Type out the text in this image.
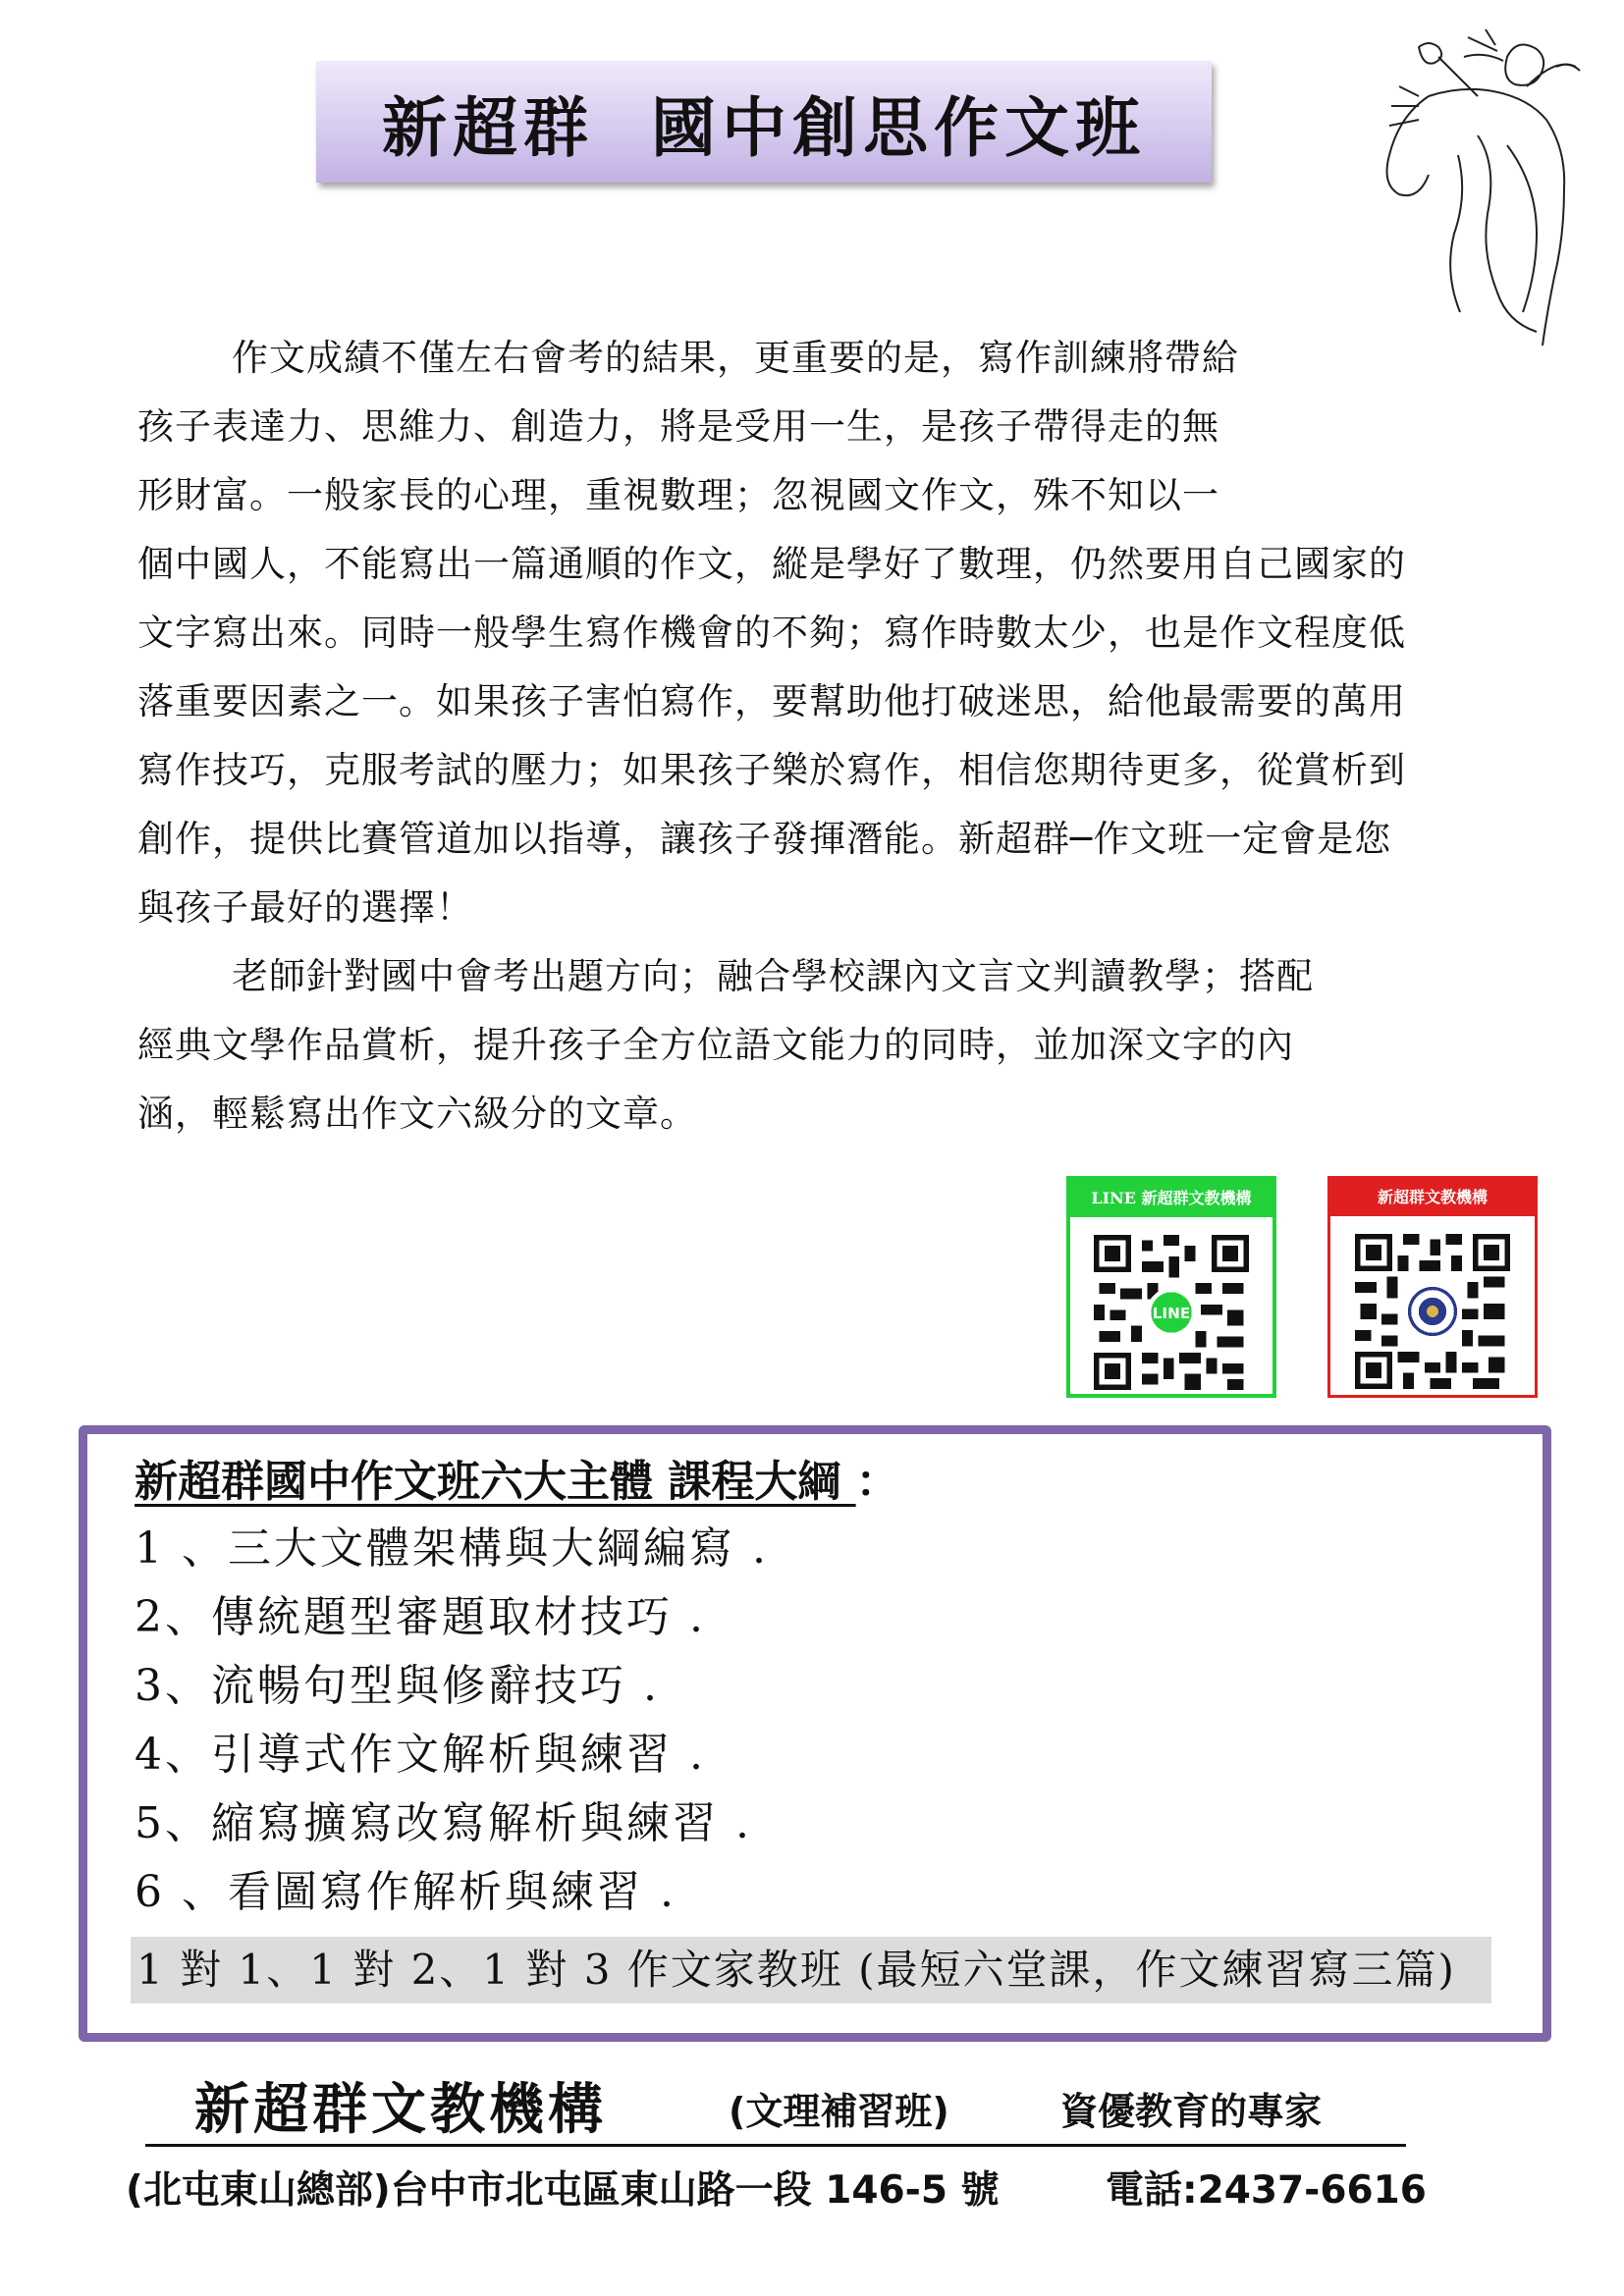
新超群  國中創思作文班
作文成績不僅左右會考的結果，更重要的是，寫作訓練將帶給
孩子表達力、思維力、創造力，將是受用一生，是孩子帶得走的無
形財富。一般家長的心理，重視數理；忽視國文作文，殊不知以一
個中國人，不能寫出一篇通順的作文，縱是學好了數理，仍然要用自己國家的
文字寫出來。同時一般學生寫作機會的不夠；寫作時數太少，也是作文程度低
落重要因素之一。如果孩子害怕寫作，要幫助他打破迷思，給他最需要的萬用
寫作技巧，克服考試的壓力；如果孩子樂於寫作，相信您期待更多，從賞析到
創作，提供比賽管道加以指導，讓孩子發揮潛能。新超群─作文班一定會是您
與孩子最好的選擇！
老師針對國中會考出題方向；融合學校課內文言文判讀教學；搭配
經典文學作品賞析，提升孩子全方位語文能力的同時，並加深文字的內
涵，輕鬆寫出作文六級分的文章。
LINE 新超群文教機構
LINE
新超群文教機構
新超群國中作文班六大主體 課程大綱 ：
1 、三大文體架構與大綱編寫 .
2、傳統題型審題取材技巧 .
3、流暢句型與修辭技巧 .
4、引導式作文解析與練習 .
5、縮寫擴寫改寫解析與練習 .
6 、看圖寫作解析與練習 .
1 對 1、1 對 2、1 對 3 作文家教班 (最短六堂課，作文練習寫三篇)
新超群文教機構	(文理補習班)	資優教育的專家
(北屯東山總部)台中市北屯區東山路一段 146-5 號	電話:2437-6616
